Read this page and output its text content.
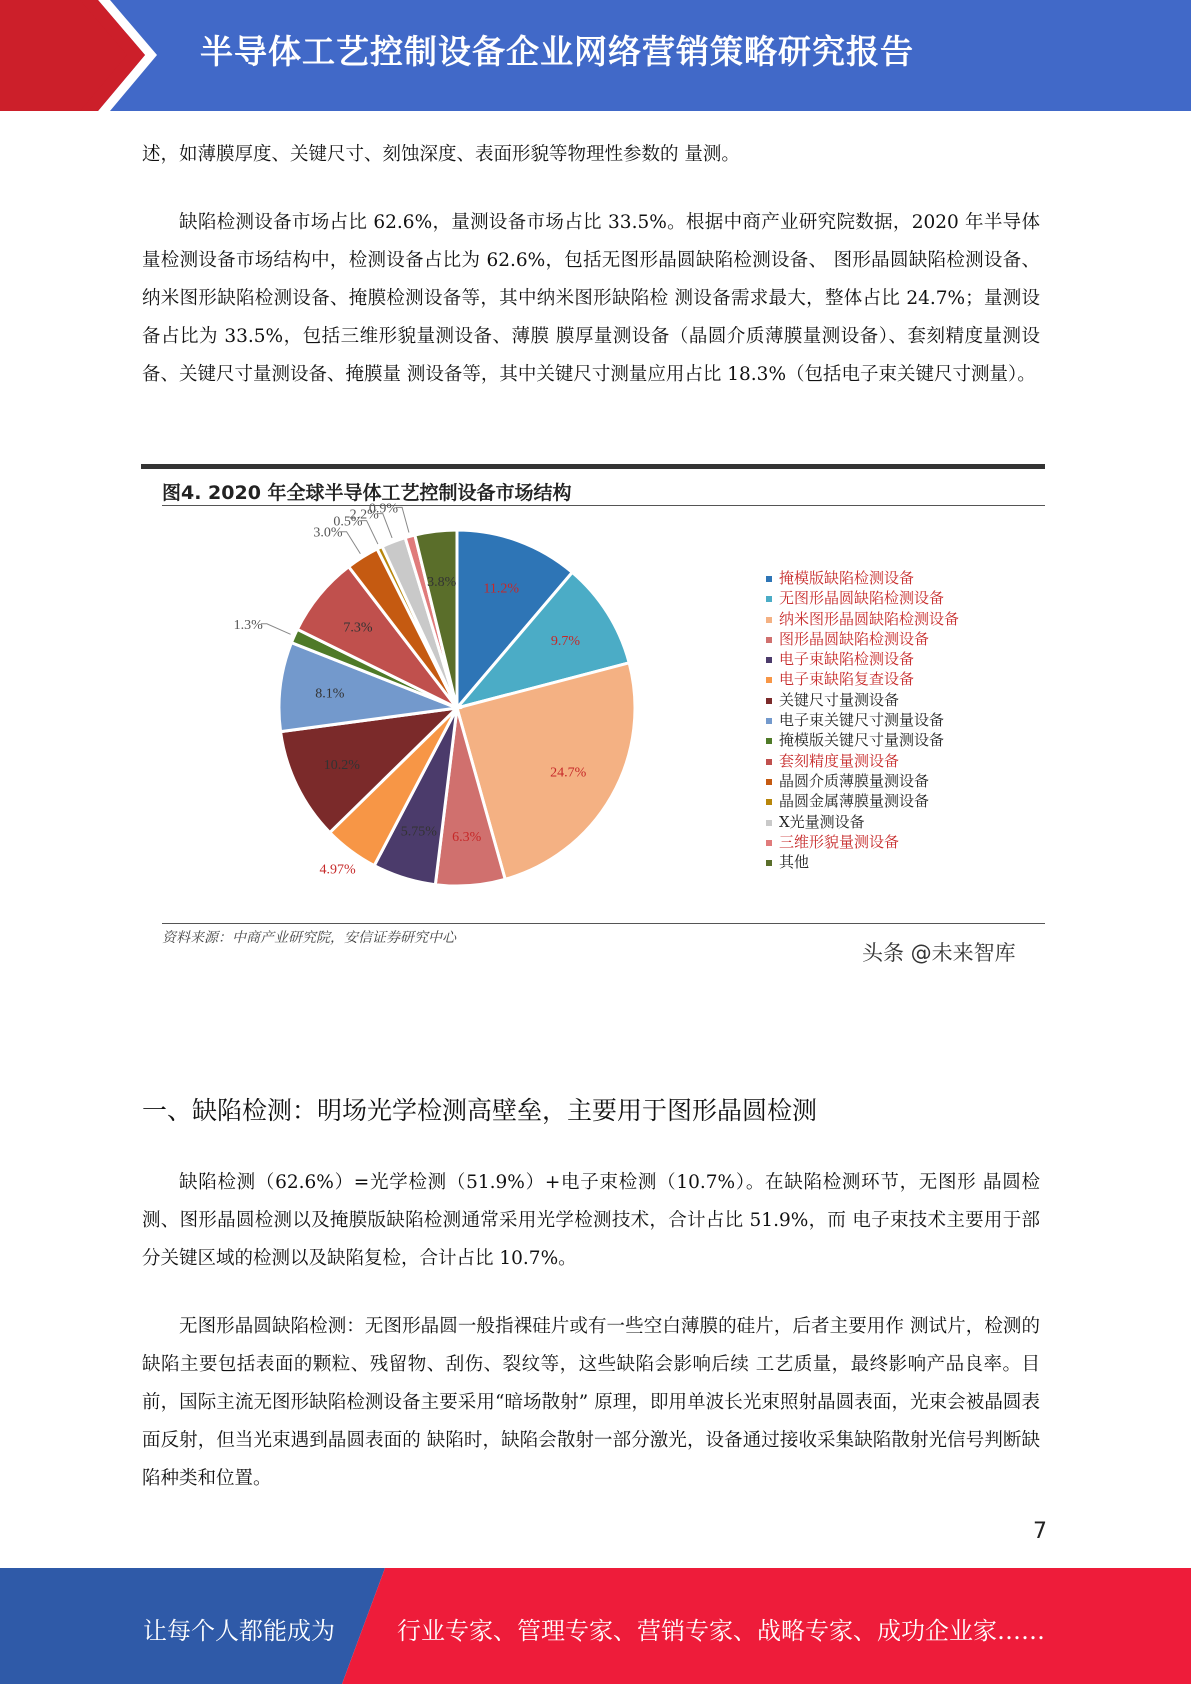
半导体工艺控制设备企业网络营销策略研究报告

述，如薄膜厚度、关键尺寸、刻蚀深度、表面形貌等物理性参数的 量测。

缺陷检测设备市场占比 62.6%，量测设备市场占比 33.5%。根据中商产业研究院数据，2020 年半导体量检测设备市场结构中，检测设备占比为 62.6%，包括无图形晶圆缺陷检测设备、 图形晶圆缺陷检测设备、纳米图形缺陷检测设备、掩膜检测设备等，其中纳米图形缺陷检 测设备需求最大，整体占比 24.7%；量测设备占比为 33.5%，包括三维形貌量测设备、薄膜 膜厚量测设备（晶圆介质薄膜量测设备）、套刻精度量测设备、关键尺寸量测设备、掩膜量 测设备等，其中关键尺寸测量应用占比 18.3%（包括电子束关键尺寸测量）。

图4. 2020 年全球半导体工艺控制设备市场结构
11.2%
9.7%
24.7%
6.3%
5.75%
4.97%
10.2%
8.1%
1.3%	7.3%
3.0%
0.5%
2.2%
0.9%
3.8%	掩模版缺陷检测设备
无图形晶圆缺陷检测设备
纳米图形晶圆缺陷检测设备
图形晶圆缺陷检测设备
电子束缺陷检测设备
电子束缺陷复查设备
关键尺寸量测设备
电子束关键尺寸测量设备
掩模版关键尺寸量测设备
套刻精度量测设备
晶圆介质薄膜量测设备
晶圆金属薄膜量测设备
X光量测设备
三维形貌量测设备
其他
资料来源：中商产业研究院，安信证券研究中心
头条 @未来智库
一、缺陷检测：明场光学检测高壁垒，主要用于图形晶圆检测

缺陷检测（62.6%）=光学检测（51.9%）+电子束检测（10.7%）。在缺陷检测环节，无图形 晶圆检测、图形晶圆检测以及掩膜版缺陷检测通常采用光学检测技术，合计占比 51.9%，而 电子束技术主要用于部分关键区域的检测以及缺陷复检，合计占比 10.7%。

无图形晶圆缺陷检测：无图形晶圆一般指裸硅片或有一些空白薄膜的硅片，后者主要用作 测试片，检测的缺陷主要包括表面的颗粒、残留物、刮伤、裂纹等，这些缺陷会影响后续 工艺质量，最终影响产品良率。目前，国际主流无图形缺陷检测设备主要采用“暗场散射” 原理，即用单波长光束照射晶圆表面，光束会被晶圆表面反射，但当光束遇到晶圆表面的 缺陷时，缺陷会散射一部分激光，设备通过接收采集缺陷散射光信号判断缺陷种类和位置。

7
让每个人都能成为	行业专家、管理专家、营销专家、战略专家、成功企业家……
